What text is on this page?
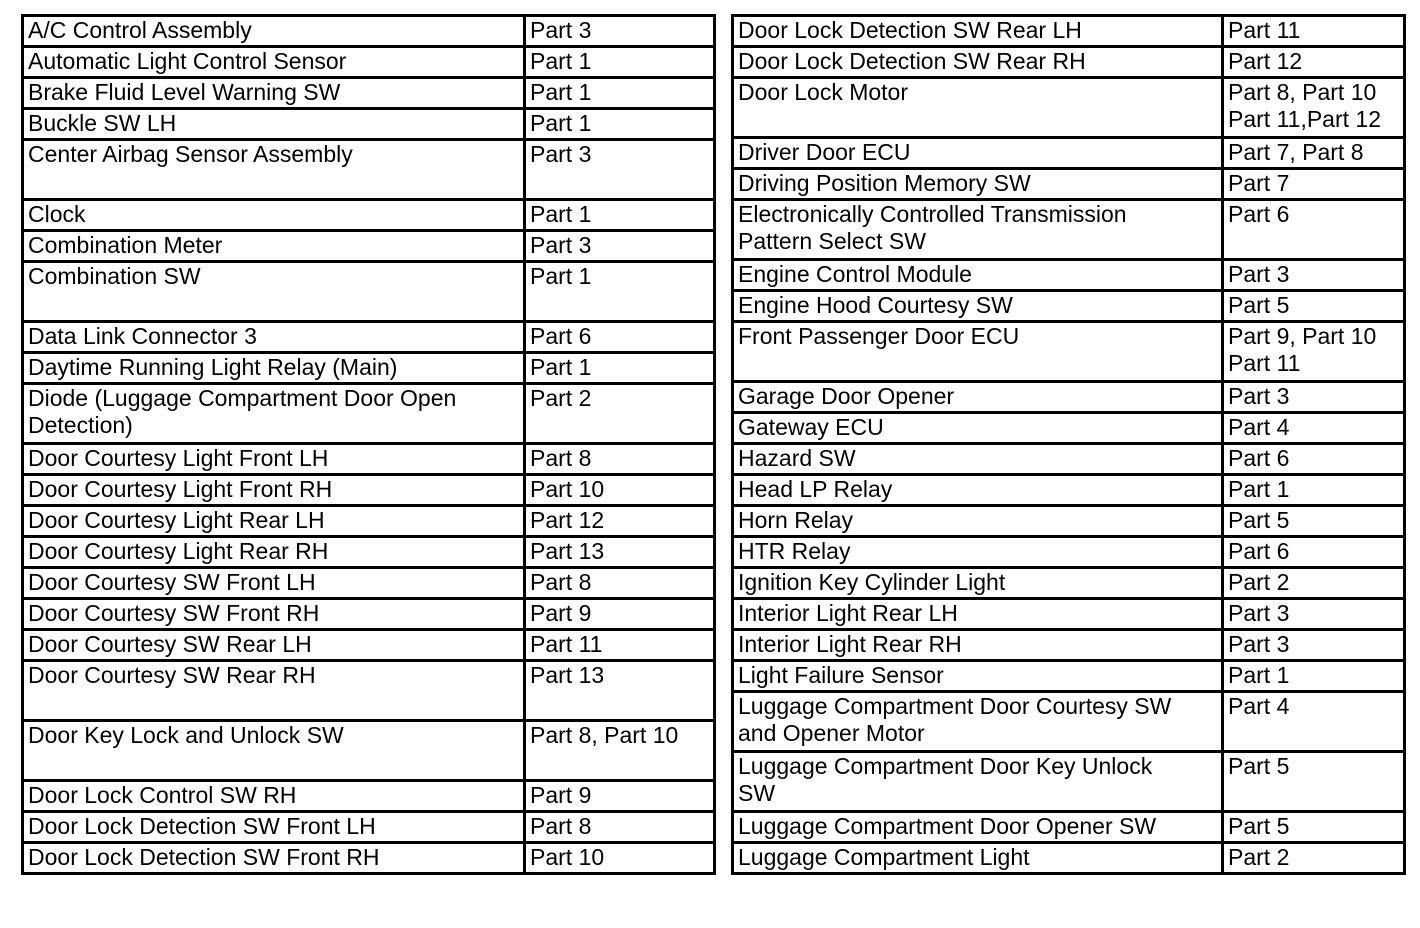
A/C Control Assembly	Part 3

Automatic Light Control Sensor	Part 1

Brake Fluid Level Warning SW	Part 1

Buckle SW LH	Part 1

Center Airbag Sensor Assembly	Part 3

Clock	Part 1

Combination Meter	Part 3

Combination SW	Part 1

Data Link Connector 3	Part 6

Daytime Running Light Relay (Main)	Part 1

Diode (Luggage Compartment Door Open
Detection)	Part 2

Door Courtesy Light Front LH	Part 8

Door Courtesy Light Front RH	Part 10

Door Courtesy Light Rear LH	Part 12

Door Courtesy Light Rear RH	Part 13

Door Courtesy SW Front LH	Part 8

Door Courtesy SW Front RH	Part 9

Door Courtesy SW Rear LH	Part 11

Door Courtesy SW Rear RH	Part 13

Door Key Lock and Unlock SW	Part 8, Part 10

Door Lock Control SW RH	Part 9

Door Lock Detection SW Front LH	Part 8

Door Lock Detection SW Front RH	Part 10
Door Lock Detection SW Rear LH	Part 11

Door Lock Detection SW Rear RH	Part 12

Door Lock Motor	Part 8, Part 10
Part 11,Part 12

Driver Door ECU	Part 7, Part 8

Driving Position Memory SW	Part 7

Electronically Controlled Transmission
Pattern Select SW	Part 6

Engine Control Module	Part 3

Engine Hood Courtesy SW	Part 5

Front Passenger Door ECU	Part 9, Part 10
Part 11

Garage Door Opener	Part 3

Gateway ECU	Part 4

Hazard SW	Part 6

Head LP Relay	Part 1

Horn Relay	Part 5

HTR Relay	Part 6

Ignition Key Cylinder Light	Part 2

Interior Light Rear LH	Part 3

Interior Light Rear RH	Part 3

Light Failure Sensor	Part 1

Luggage Compartment Door Courtesy SW
and Opener Motor	Part 4

Luggage Compartment Door Key Unlock
SW	Part 5

Luggage Compartment Door Opener SW	Part 5

Luggage Compartment Light	Part 2
